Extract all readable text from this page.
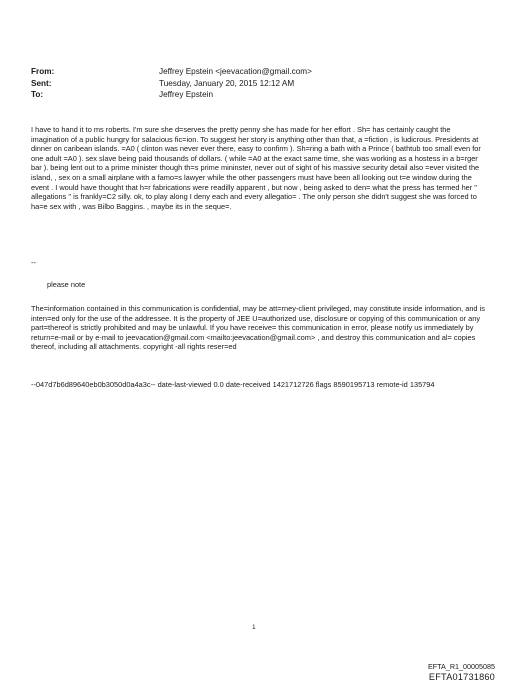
From:	Jeffrey Epstein <jeevacation@gmail.com>
Sent:	Tuesday, January 20, 2015 12:12 AM
To:	Jeffrey Epstein

I have to hand it to ms roberts. I'm sure she d=serves the pretty penny she has made for her effort . Sh= has certainly caught the imagination of a public hungry for salacious fic=ion. To suggest her story is anything other than that, a =fiction , is ludicrous. Presidents at dinner on caribean islands. =A0 ( clinton was never ever there, easy to confirm ). Sh=ring a bath with a Prince ( bathtub too small even for one adult =A0 ). sex slave being paid thousands of dollars. ( while =A0 at the exact same time, she was working as a hostess in a b=rger bar ). being lent out to a prime minister though th=s prime mininster, never out of sight of his massive security detail also =ever visited the island, , sex on a small airplane with a famo=s lawyer while the other passengers must have been all looking out t=e window during the event . I would have thought that h=r fabrications were readilly apparent , but now , being asked to den= what the press has termed her " allegations " is frankly=C2 silly. ok, to play along I deny each and every allegatio= . The only person she didn't suggest she was forced to ha=e sex with , was Bilbo Baggins. , maybe its in the seque=.

--
please note

The=information contained in this communication is confidential, may be att=rney-client privileged, may constitute inside information, and is inten=ed only for the use of the addressee. It is the property of JEE U=authorized use, disclosure or copying of this communication or any part=thereof is strictly prohibited and may be unlawful. If you have receive= this communication in error, please notify us immediately by return=e-mail or by e-mail to jeevacation@gmail.com <mailto:jeevacation@gmail.com> , and destroy this communication and al= copies thereof, including all attachments. copyright -all rights reser=ed

--047d7b6d89640eb0b3050d0a4a3c-- date-last-viewed 0.0 date-received 1421712726 flags 8590195713 remote-id 135794

1
EFTA_R1_00005085
EFTA01731860
